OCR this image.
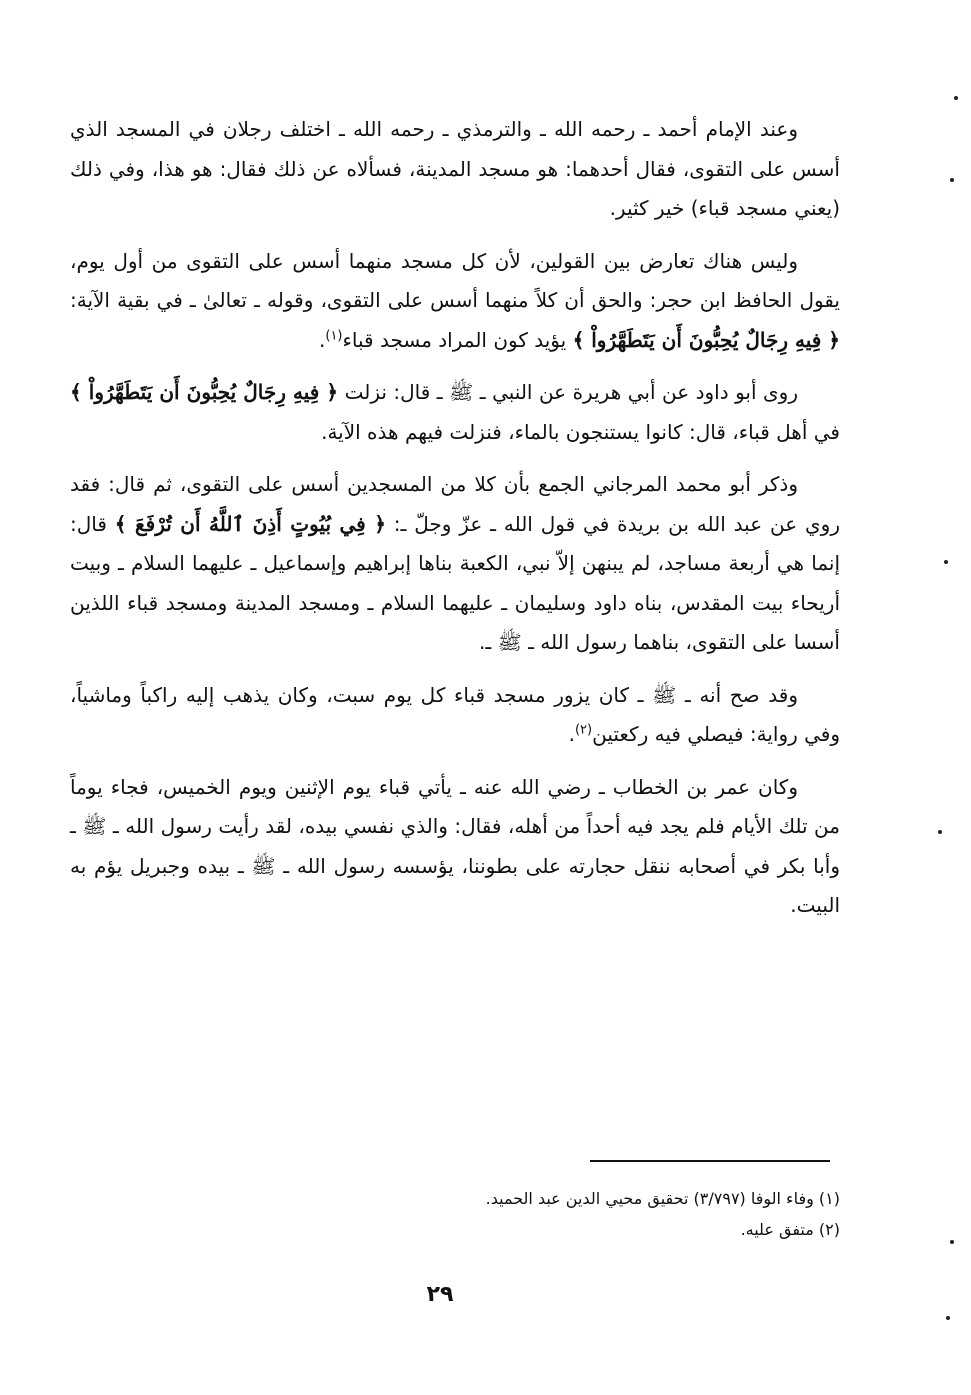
وعند الإمام أحمد ـ رحمه الله ـ والترمذي ـ رحمه الله ـ اختلف رجلان في المسجد الذي أسس على التقوى، فقال أحدهما: هو مسجد المدينة، فسألاه عن ذلك فقال: هو هذا، وفي ذلك (يعني مسجد قباء) خير كثير.

وليس هناك تعارض بين القولين، لأن كل مسجد منهما أسس على التقوى من أول يوم، يقول الحافظ ابن حجر: والحق أن كلاً منهما أسس على التقوى، وقوله ـ تعالىٰ ـ في بقية الآية: ﴿ فِيهِ رِجَالٌ يُحِبُّونَ أَن يَتَطَهَّرُواْ ﴾ يؤيد كون المراد مسجد قباء$^{(١)}$.

روى أبو داود عن أبي هريرة عن النبي ـ ﷺ ـ قال: نزلت ﴿ فِيهِ رِجَالٌ يُحِبُّونَ أَن يَتَطَهَّرُواْ ﴾ في أهل قباء، قال: كانوا يستنجون بالماء، فنزلت فيهم هذه الآية.

وذكر أبو محمد المرجاني الجمع بأن كلا من المسجدين أسس على التقوى، ثم قال: فقد روي عن عبد الله بن بريدة في قول الله ـ عزّ وجلّ ـ: ﴿ فِي بُيُوتٍ أَذِنَ ٱللَّهُ أَن تُرْفَعَ ﴾ قال: إنما هي أربعة مساجد، لم يبنهن إلاّ نبي، الكعبة بناها إبراهيم وإسماعيل ـ عليهما السلام ـ وبيت أريحاء بيت المقدس، بناه داود وسليمان ـ عليهما السلام ـ ومسجد المدينة ومسجد قباء اللذين أسسا على التقوى، بناهما رسول الله ـ ﷺ ـ.

وقد صح أنه ـ ﷺ ـ كان يزور مسجد قباء كل يوم سبت، وكان يذهب إليه راكباً وماشياً، وفي رواية: فيصلي فيه ركعتين$^{(٢)}$.

وكان عمر بن الخطاب ـ رضي الله عنه ـ يأتي قباء يوم الإثنين ويوم الخميس، فجاء يوماً من تلك الأيام فلم يجد فيه أحداً من أهله، فقال: والذي نفسي بيده، لقد رأيت رسول الله ـ ﷺ ـ وأبا بكر في أصحابه ننقل حجارته على بطوننا، يؤسسه رسول الله ـ ﷺ ـ بيده وجبريل يؤم به البيت.

(١) وفاء الوفا (٣/٧٩٧) تحقيق محيي الدين عبد الحميد.

(٢) متفق عليه.

٢٩
